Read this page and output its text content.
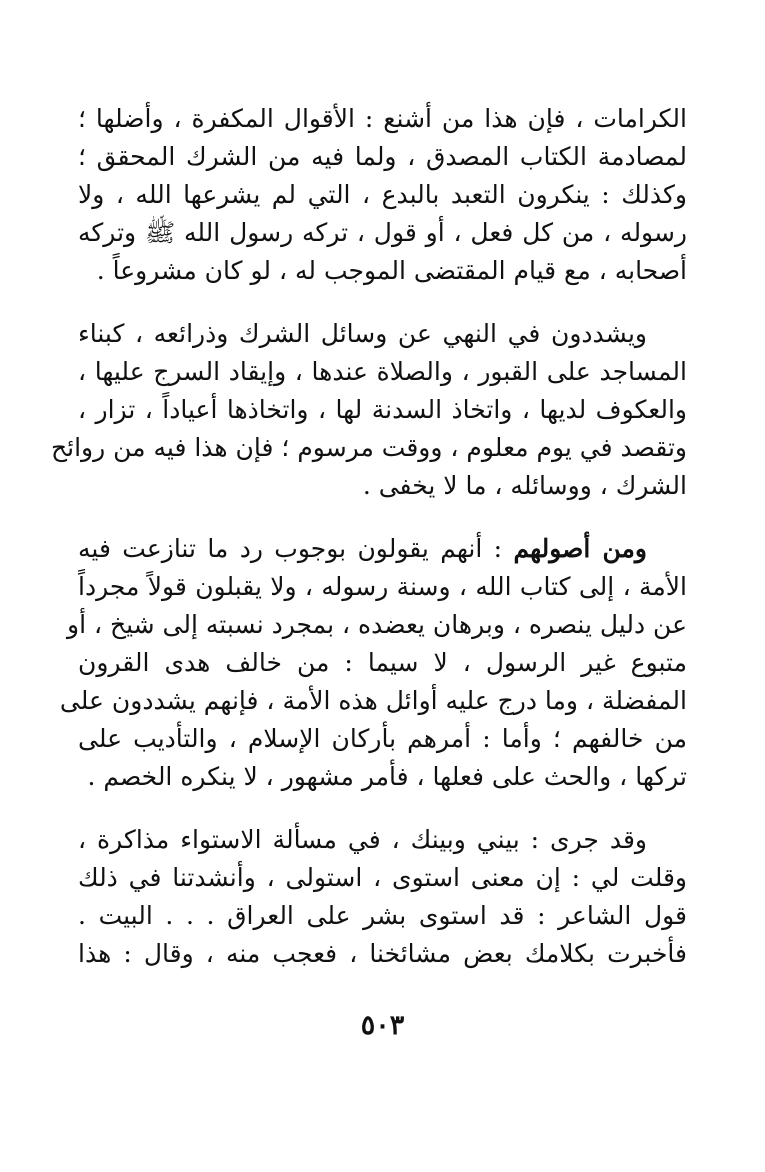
الكرامات ، فإن هذا من أشنع : الأقوال المكفرة ، وأضلها ؛
لمصادمة الكتاب المصدق ، ولما فيه من الشرك المحقق ؛
وكذلك : ينكرون التعبد بالبدع ، التي لم يشرعها الله ، ولا
رسوله ، من كل فعل ، أو قول ، تركه رسول الله ﷺ وتركه
أصحابه ، مع قيام المقتضى الموجب له ، لو كان مشروعاً .
ويشددون في النهي عن وسائل الشرك وذرائعه ، كبناء
المساجد على القبور ، والصلاة عندها ، وإيقاد السرج عليها ،
والعكوف لديها ، واتخاذ السدنة لها ، واتخاذها أعياداً ، تزار ،
وتقصد في يوم معلوم ، ووقت مرسوم ؛ فإن هذا فيه من روائح
الشرك ، ووسائله ، ما لا يخفى .
ومن أصولهم : أنهم يقولون بوجوب رد ما تنازعت فيه
الأمة ، إلى كتاب الله ، وسنة رسوله ، ولا يقبلون قولاً مجرداً
عن دليل ينصره ، وبرهان يعضده ، بمجرد نسبته إلى شيخ ، أو
متبوع غير الرسول ، لا سيما : من خالف هدى القرون
المفضلة ، وما درج عليه أوائل هذه الأمة ، فإنهم يشددون على
من خالفهم ؛ وأما : أمرهم بأركان الإسلام ، والتأديب على
تركها ، والحث على فعلها ، فأمر مشهور ، لا ينكره الخصم .
وقد جرى : بيني وبينك ، في مسألة الاستواء مذاكرة ،
وقلت لي : إن معنى استوى ، استولى ، وأنشدتنا في ذلك
قول الشاعر : قد استوى بشر على العراق . . . البيت .
فأخبرت بكلامك بعض مشائخنا ، فعجب منه ، وقال : هذا
٥٠٣
